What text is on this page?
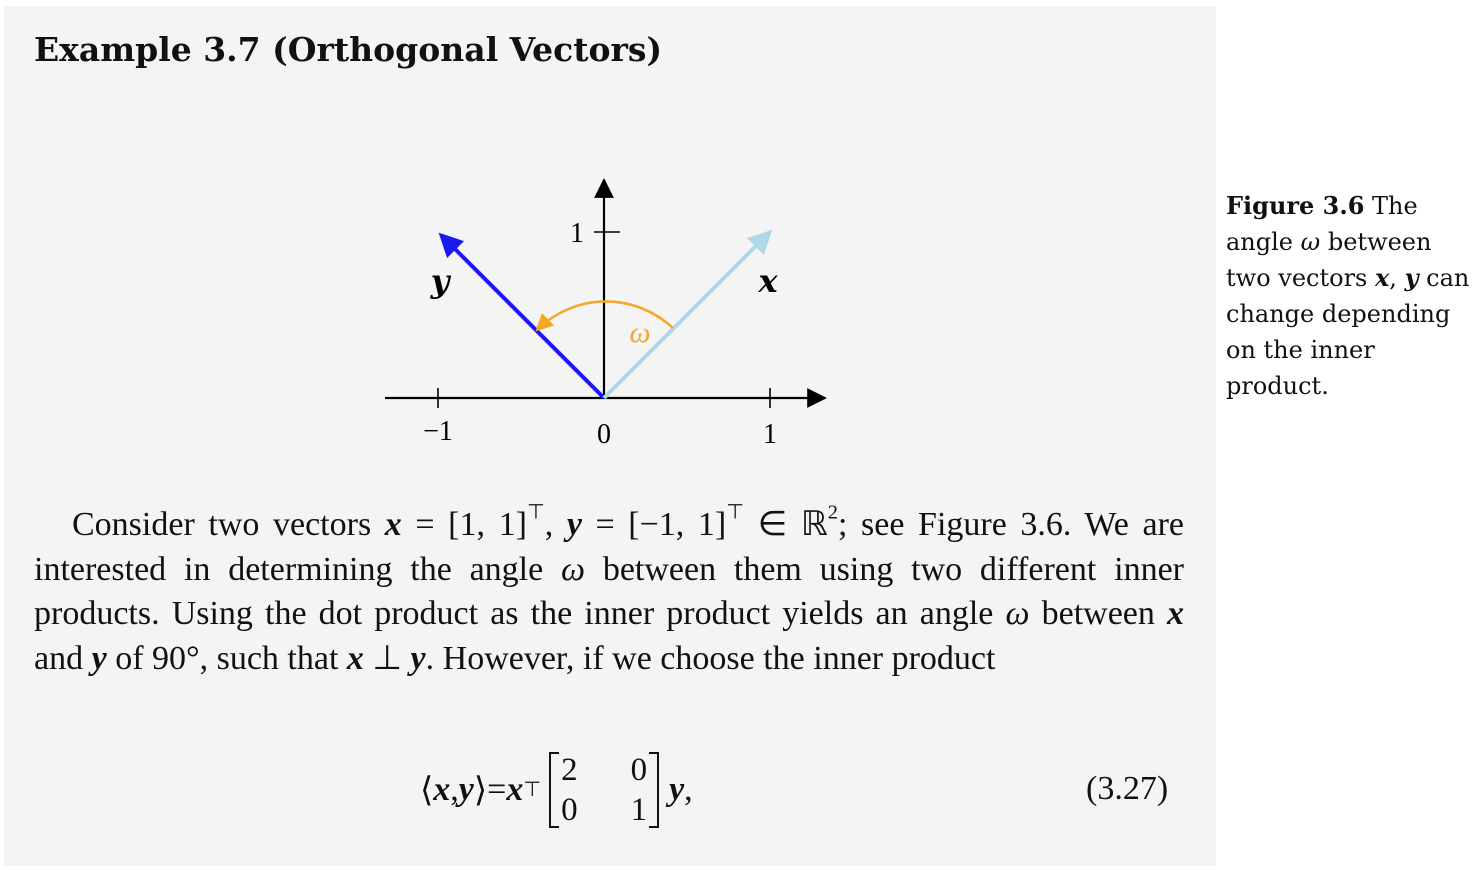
Example 3.7 (Orthogonal Vectors)
−1	0	1
1
y	x
ω
Consider two vectors x = [1, 1]⊤, y = [−1, 1]⊤ ∈ ℝ$^2$; see Figure 3.6. We are interested in determining the angle ω between them using two different inner products. Using the dot product as the inner product yields an angle ω between x and y of 90°, such that x ⊥ y. However, if we choose the inner product
⟨ x , y ⟩ = x ⊤
2	0
0	1
y ,	(3.27)
Figure 3.6 The angle ω between two vectors x, y can change depending on the inner product.
